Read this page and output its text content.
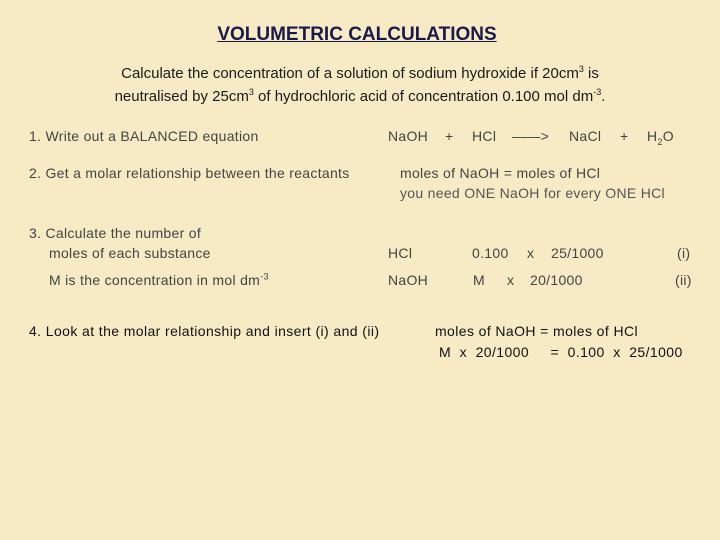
VOLUMETRIC CALCULATIONS
Calculate the concentration of a solution of sodium hydroxide if $20cm^3$ is
neutralised by $25cm^3$ of hydrochloric acid of concentration 0.100 mol $dm^{-3}$.
1. Write out a BALANCED equation	NaOH + HCl ——> NaCl + $H_2O$
2. Get a molar relationship between the reactants	moles of NaOH = moles of HCl
you need ONE NaOH for every ONE HCl
3. Calculate the number of
moles of each substance	HCl	0.100 x 25/1000	(i)
M is the concentration in mol $dm^{-3}$	NaOH	M x 20/1000	(ii)
4. Look at the molar relationship and insert (i) and (ii)	moles of NaOH = moles of HCl
M  x  20/1000     =  0.100  x  25/1000
